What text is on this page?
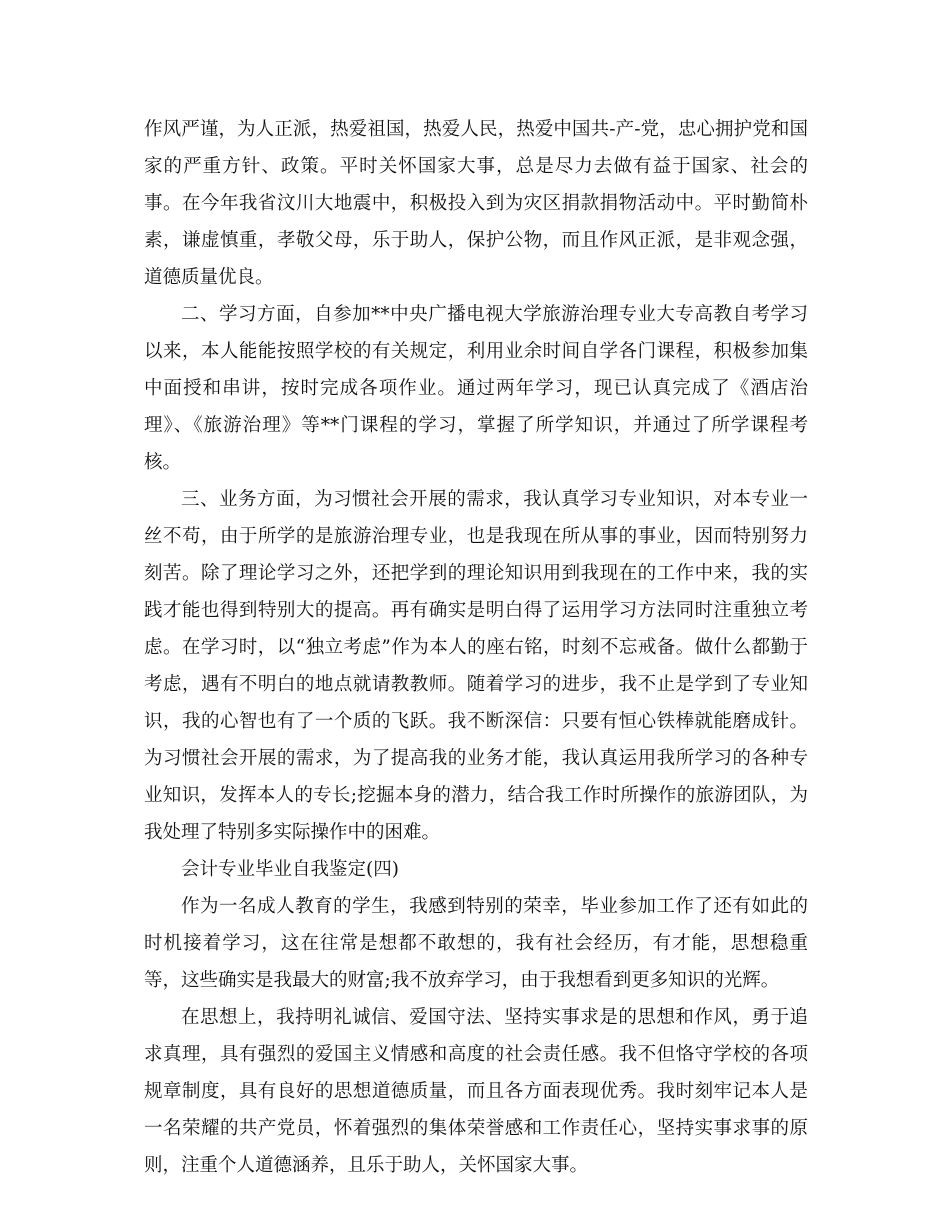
作风严谨，为人正派，热爱祖国，热爱人民，热爱中国共-产-党，忠心拥护党和国家的严重方针、政策。平时关怀国家大事，总是尽力去做有益于国家、社会的事。在今年我省汶川大地震中，积极投入到为灾区捐款捐物活动中。平时勤简朴素，谦虚慎重，孝敬父母，乐于助人，保护公物，而且作风正派，是非观念强，道德质量优良。

二、学习方面，自参加**中央广播电视大学旅游治理专业大专高教自考学习以来，本人能能按照学校的有关规定，利用业余时间自学各门课程，积极参加集中面授和串讲，按时完成各项作业。通过两年学习，现已认真完成了《酒店治理》、《旅游治理》等**门课程的学习，掌握了所学知识，并通过了所学课程考核。

三、业务方面，为习惯社会开展的需求，我认真学习专业知识，对本专业一丝不苟，由于所学的是旅游治理专业，也是我现在所从事的事业，因而特别努力刻苦。除了理论学习之外，还把学到的理论知识用到我现在的工作中来，我的实践才能也得到特别大的提高。再有确实是明白得了运用学习方法同时注重独立考虑。在学习时，以“独立考虑”作为本人的座右铭，时刻不忘戒备。做什么都勤于考虑，遇有不明白的地点就请教教师。随着学习的进步，我不止是学到了专业知识，我的心智也有了一个质的飞跃。我不断深信：只要有恒心铁棒就能磨成针。为习惯社会开展的需求，为了提高我的业务才能，我认真运用我所学习的各种专业知识，发挥本人的专长;挖掘本身的潜力，结合我工作时所操作的旅游团队，为我处理了特别多实际操作中的困难。

会计专业毕业自我鉴定(四)

作为一名成人教育的学生，我感到特别的荣幸，毕业参加工作了还有如此的时机接着学习，这在往常是想都不敢想的，我有社会经历，有才能，思想稳重等，这些确实是我最大的财富;我不放弃学习，由于我想看到更多知识的光辉。

在思想上，我持明礼诚信、爱国守法、坚持实事求是的思想和作风，勇于追求真理，具有强烈的爱国主义情感和高度的社会责任感。我不但恪守学校的各项规章制度，具有良好的思想道德质量，而且各方面表现优秀。我时刻牢记本人是一名荣耀的共产党员，怀着强烈的集体荣誉感和工作责任心，坚持实事求事的原则，注重个人道德涵养，且乐于助人，关怀国家大事。
